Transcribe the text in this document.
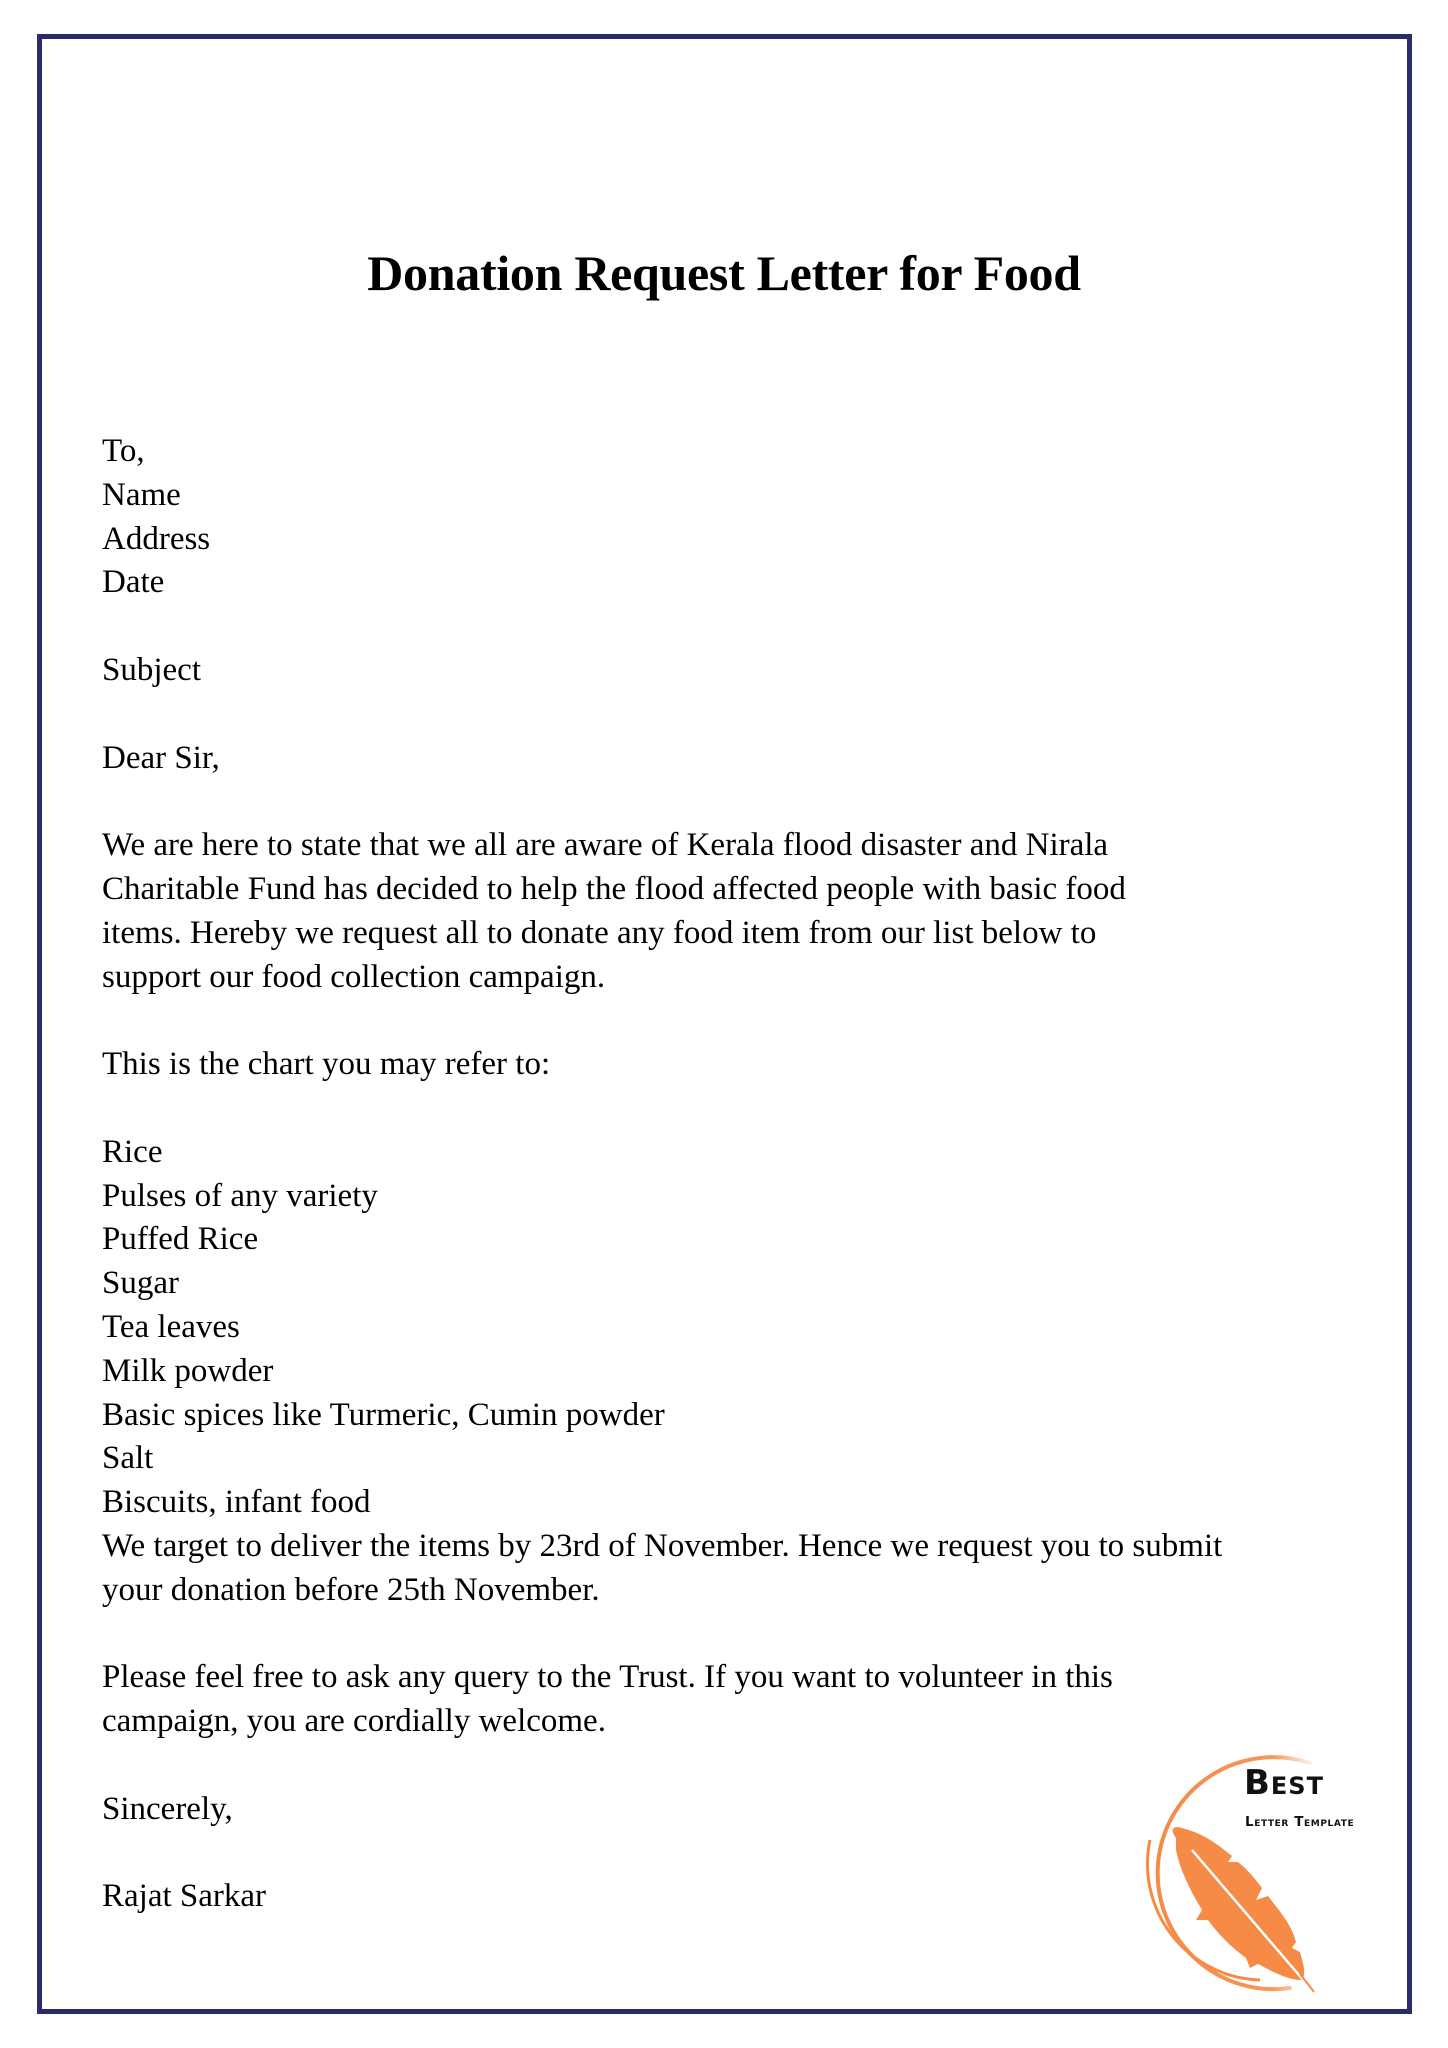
Donation Request Letter for Food
To,
Name
Address
Date
Subject
Dear Sir,
We are here to state that we all are aware of Kerala flood disaster and Nirala
Charitable Fund has decided to help the flood affected people with basic food
items. Hereby we request all to donate any food item from our list below to
support our food collection campaign.
This is the chart you may refer to:
Rice
Pulses of any variety
Puffed Rice
Sugar
Tea leaves
Milk powder
Basic spices like Turmeric, Cumin powder
Salt
Biscuits, infant food
We target to deliver the items by 23rd of November. Hence we request you to submit
your donation before 25th November.
Please feel free to ask any query to the Trust. If you want to volunteer in this
campaign, you are cordially welcome.
Sincerely,
Rajat Sarkar
Best
Letter Template
